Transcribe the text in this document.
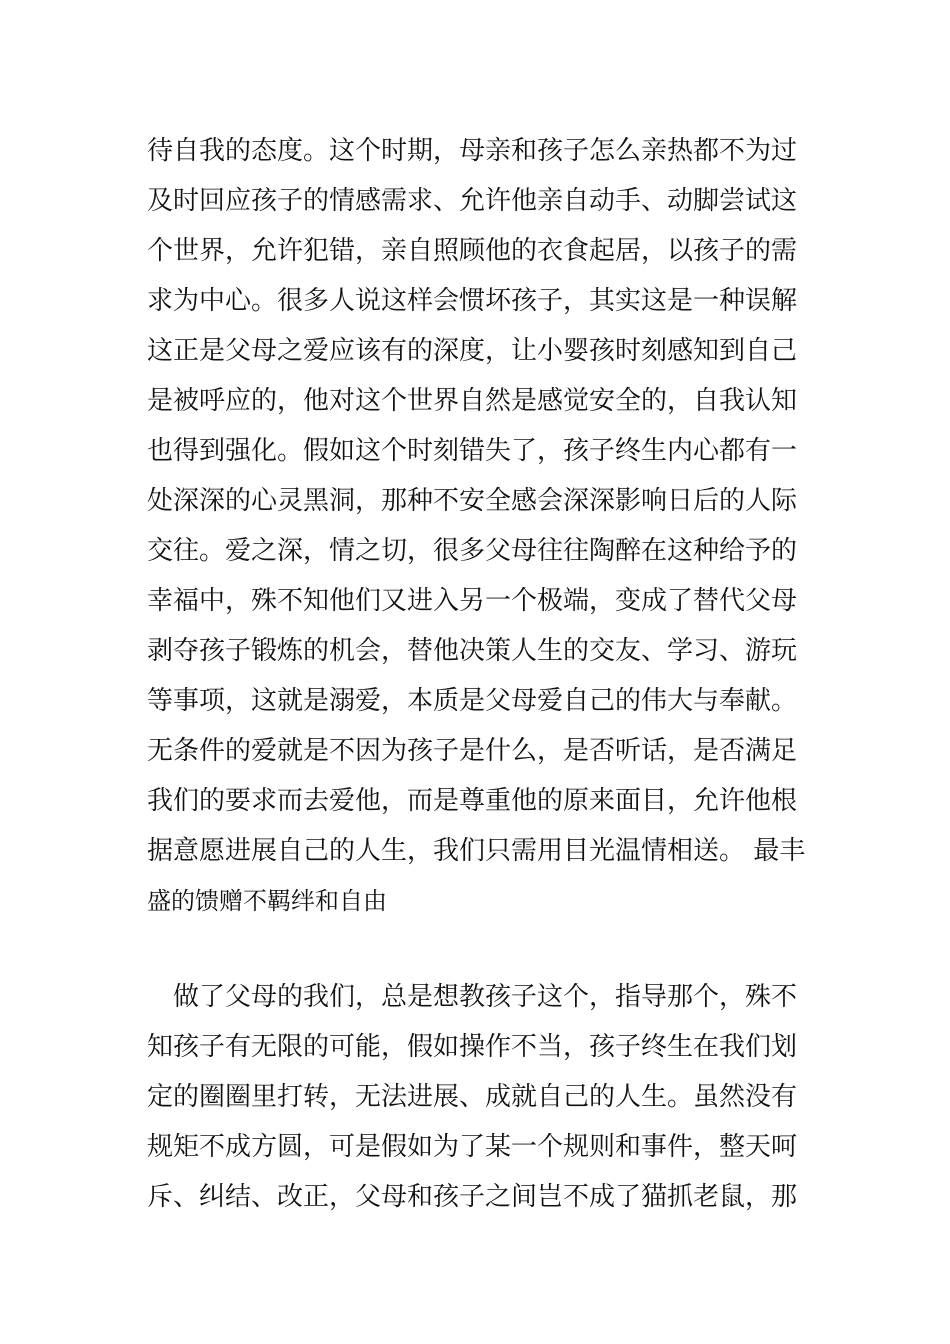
待自我的态度。这个时期，母亲和孩子怎么亲热都不为过
及时回应孩子的情感需求、允许他亲自动手、动脚尝试这
个世界，允许犯错，亲自照顾他的衣食起居，以孩子的需
求为中心。很多人说这样会惯坏孩子，其实这是一种误解
这正是父母之爱应该有的深度，让小婴孩时刻感知到自己
是被呼应的，他对这个世界自然是感觉安全的，自我认知
也得到强化。假如这个时刻错失了，孩子终生内心都有一
处深深的心灵黑洞，那种不安全感会深深影响日后的人际
交往。爱之深，情之切，很多父母往往陶醉在这种给予的
幸福中，殊不知他们又进入另一个极端，变成了替代父母
剥夺孩子锻炼的机会，替他决策人生的交友、学习、游玩
等事项，这就是溺爱，本质是父母爱自己的伟大与奉献。
无条件的爱就是不因为孩子是什么，是否听话，是否满足
我们的要求而去爱他，而是尊重他的原来面目，允许他根
据意愿进展自己的人生，我们只需用目光温情相送。 最丰
盛的馈赠不羁绊和自由
　做了父母的我们，总是想教孩子这个，指导那个，殊不
知孩子有无限的可能，假如操作不当，孩子终生在我们划
定的圈圈里打转，无法进展、成就自己的人生。虽然没有
规矩不成方圆，可是假如为了某一个规则和事件，整天呵
斥、纠结、改正，父母和孩子之间岂不成了猫抓老鼠，那
